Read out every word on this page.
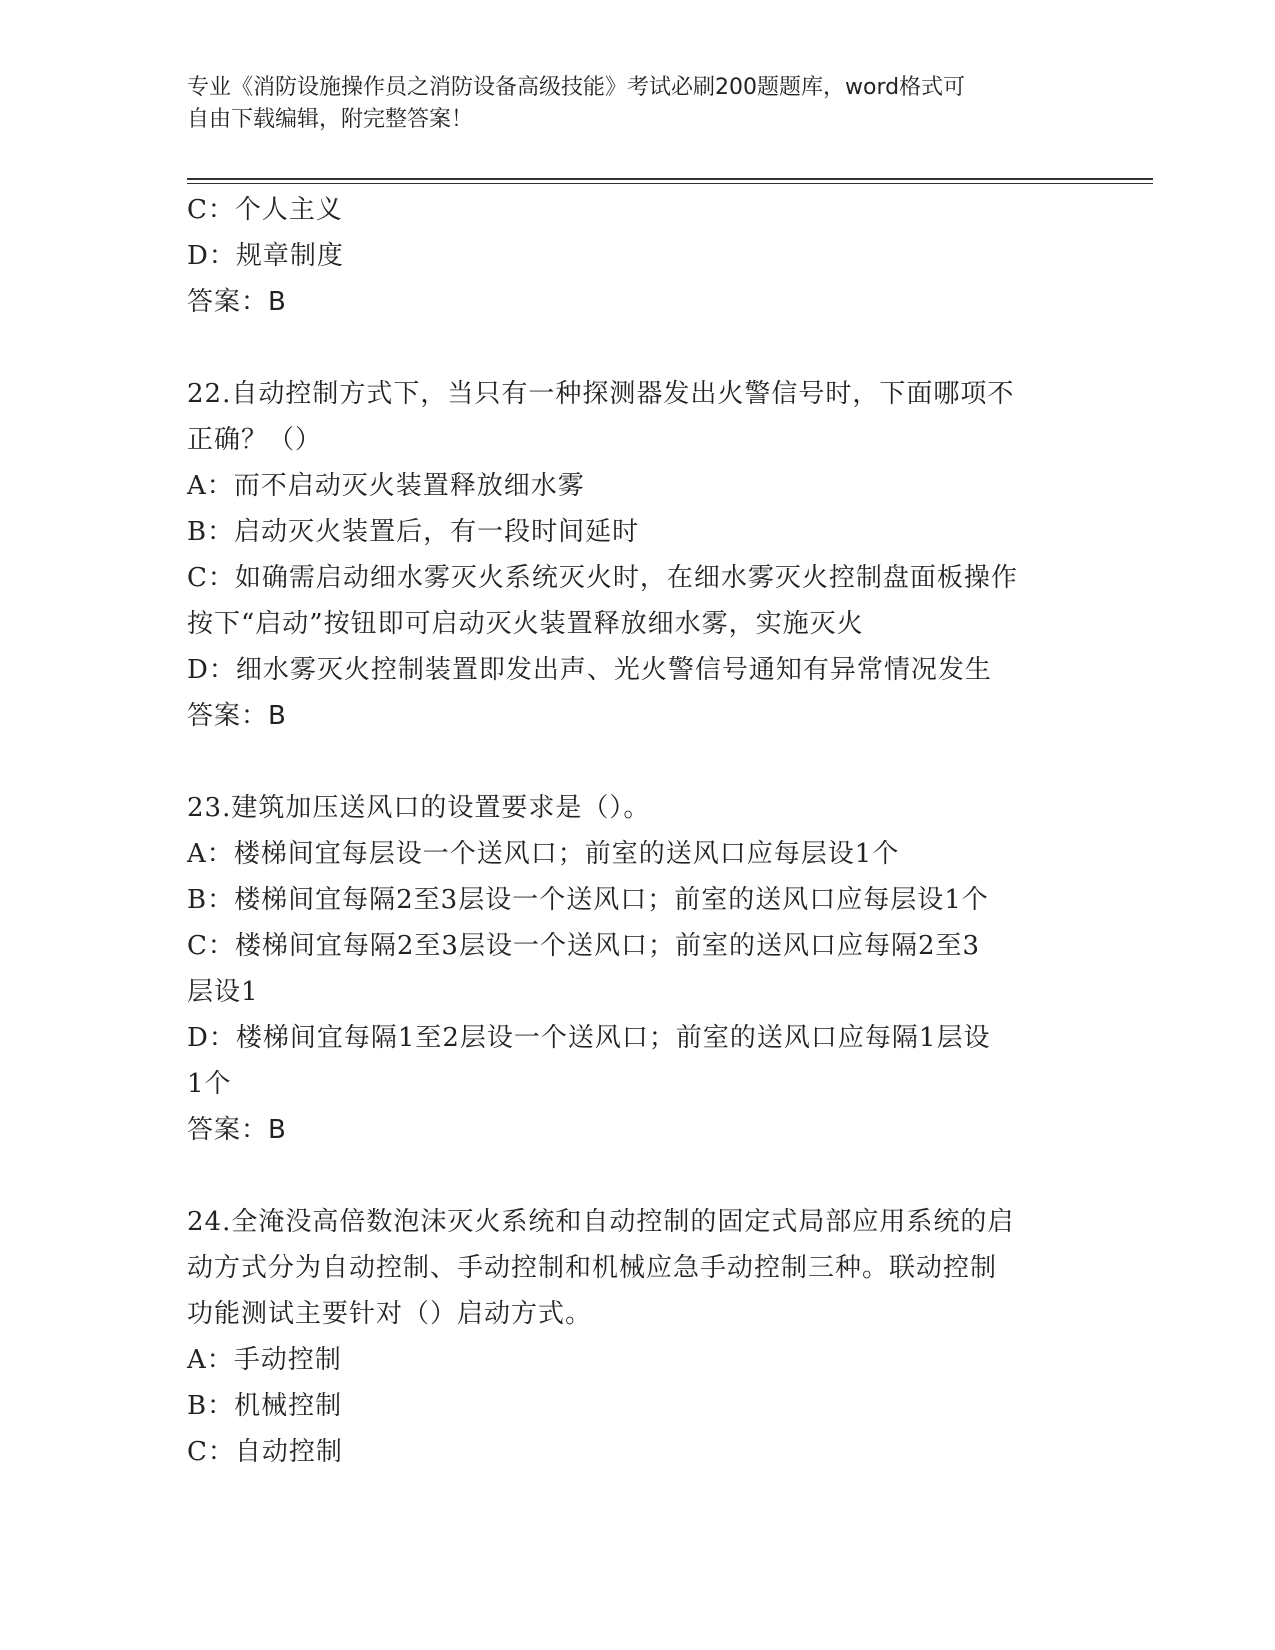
专业《消防设施操作员之消防设备高级技能》考试必刷200题题库，word格式可
自由下载编辑，附完整答案！
C：个人主义
D：规章制度
答案：B
22.自动控制方式下，当只有一种探测器发出火警信号时，下面哪项不
正确？（）
A：而不启动灭火装置释放细水雾
B：启动灭火装置后，有一段时间延时
C：如确需启动细水雾灭火系统灭火时，在细水雾灭火控制盘面板操作
按下“启动”按钮即可启动灭火装置释放细水雾，实施灭火
D：细水雾灭火控制装置即发出声、光火警信号通知有异常情况发生
答案：B
23.建筑加压送风口的设置要求是（）。
A：楼梯间宜每层设一个送风口；前室的送风口应每层设1个
B：楼梯间宜每隔2至3层设一个送风口；前室的送风口应每层设1个
C：楼梯间宜每隔2至3层设一个送风口；前室的送风口应每隔2至3
层设1
D：楼梯间宜每隔1至2层设一个送风口；前室的送风口应每隔1层设
1个
答案：B
24.全淹没高倍数泡沫灭火系统和自动控制的固定式局部应用系统的启
动方式分为自动控制、手动控制和机械应急手动控制三种。联动控制
功能测试主要针对（）启动方式。
A：手动控制
B：机械控制
C：自动控制
